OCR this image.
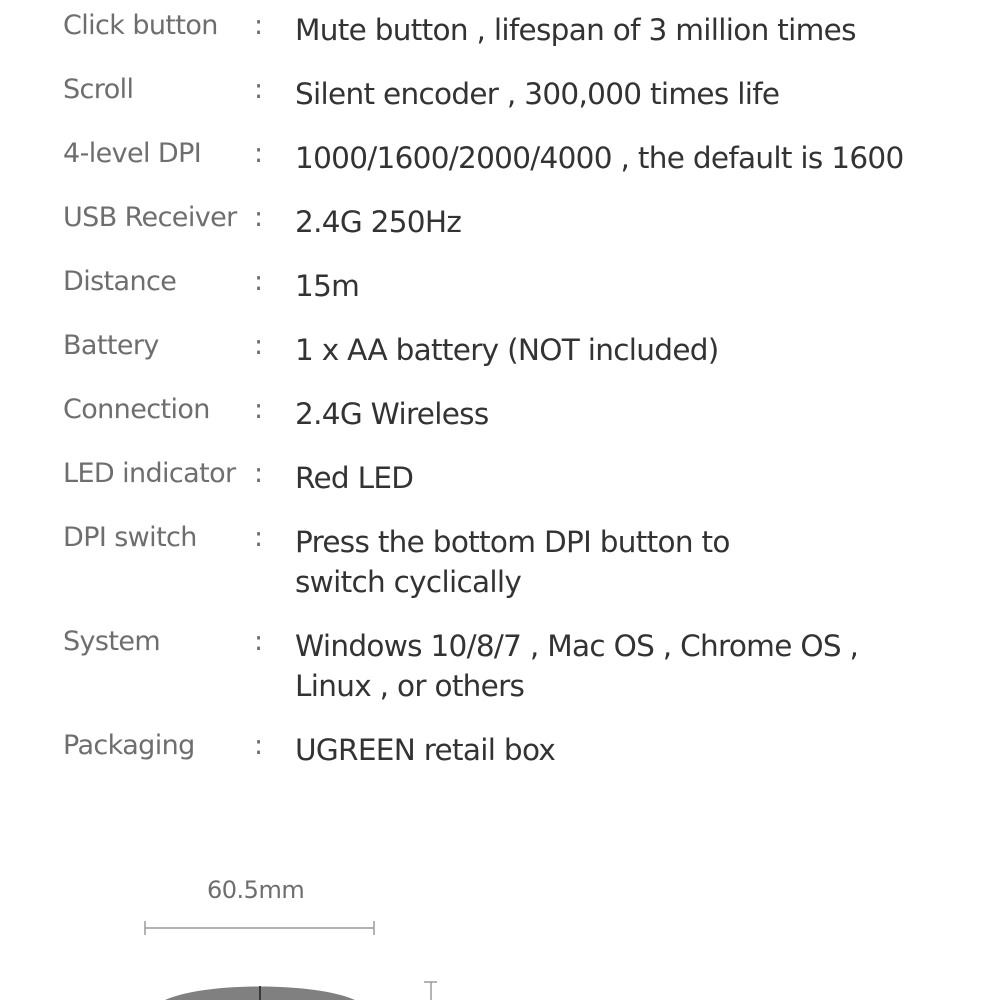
Click button : Mute button , lifespan of 3 million times
Scroll	: Silent encoder , 300,000 times life
4-level DPI : 1000/1600/2000/4000 , the default is 1600
USB Receiver : 2.4G 250Hz
Distance	: 15m
Battery	: 1 x AA battery (NOT included)
Connection : 2.4G Wireless
LED indicator : Red LED
DPI switch : Press the bottom DPI button to
switch cyclically
System	: Windows 10/8/7 , Mac OS , Chrome OS ,
Linux , or others
Packaging : UGREEN retail box
60.5mm
